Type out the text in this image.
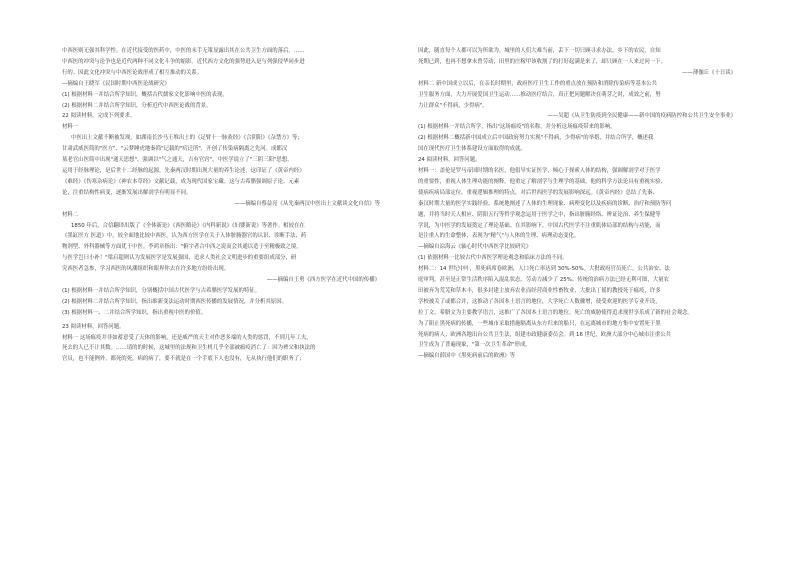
中西医则无强其科学性。在近代接受的医药中，中医的未手无策显露出其在公共卫生方面的落后。……
中西医的冲突与论争也是近代两种不同文化斗争的缩影。近代西方文化的强势进入是与列强侵华同步进
行的。因此文化冲突与中西医论战形成了相互推动的关系。
—摘编自王晓军《民国时期中西医论战研究》
(1) 根据材料一并结合所学知识，概括古代儒家文化影响中医的表现。
(2) 根据材料二并结合所学知识，分析近代中西医论战的背景。
22 阅读材料，完成下列要求。
材料一
中医出土文献不断被发现，如湖南长沙马王堆出土的《足臂十一脉灸经》《合阴阳》《杂禁方》等；
甘肃武威医简的"医方"、"云梦睡虎地秦简"记载的"疠迁所"，开创了传染病隔离之先河。成都汉
墓老官山医简中出现"通天思想"，强调以"气之通天，吉有官窍"，中医学说立了"三阴三阳"思想，
运用于经脉理论，是后世十二经脉的起源。先秦两汉时期出现大量的养生论述，这印证了《黄帝内经》
《难经》《伤寒杂病论》《神农本草经》文献记载，成为现代国家宝藏。这与古希腊强调原子论、元素
论，注重结构性病变，逐渐发展出解剖学有明显不同。
——摘编自蔡益亮《从先秦两汉中医出土文献谈文化自信》等
材料二
1850 年后，合信翻译出版了《全体新论》《西医略论》《内科新说》《妇婴新说》等著作。相较在在
《墨缸医方 医道》中，较全面地比较中西医，认为西方医学在关于人体脏腑器官的认识、诊断手法、药
物剂型、外科器械等方面优于中医。李鸿章指出："俯宇者合中西之说而会其通以造于至精极致之境，
与医学岂曰小补！"梁启超则认为发展医学是发展强国、追求人类社会文明进步的重要组成部分，研
究西医者急参，学习西医的风潮组织和眼界你去在许多地方纷纷出现。
——摘编自王勇《西方医学在近代中国的传播》
(1) 根据材料一并结合所学知识，分别概括中国古代医学与古希腊医学发展的特征。
(2) 根据材料二并结合所学知识，指出维新变法运动时期西医传播的发展情况，并分析其原因。
(3) 根据材料一、二并结合所学知识，指出重视中医的价值。
23 阅读材料，回答问题。
材料一 这场瘟疫并非如蓄意受了天体的影响，还是威严的天主对作恶多端的人类的惩罚，不到几年工夫，
死去的人已不计其数。……请的的时候，这城里的法规和卫生机几乎全部被瘟疫消亡了：因为裨父和执法的
官员，也不能例外，都死的死，病的病了，要不就是在一个手底下人也没有，无从执行他们的职务了；
因此，随直每个人都可以为所欲为。城里的人们大难当前，丢下一切只顾寻求办法，乡下的农民，自知
死期已到，也再不想拿未曾劳动，田里的庄稼甲该收割了的打好起满是来了，却只顾在一人来过问一下。
——薄伽丘《十日谈》
材料二 新中国成立以后，在亲长时期里，政府医疗卫生工作的重点放在预防和消除传染病等基本公共
卫生服务方面，大力开展爱国卫生运动……推动医疗结合，真正把问题解决在萌芽之时，成效之前，努
力让群众"不得病，少得病"。
——吴超《从卫生防疫到全民健康——新中国的疫病防控和公共卫生安全事业》
(1) 根据材料一并结合所学，指出"这场瘟疫"的名称，并分析这场瘟疫带来的影响。
(2) 根据材料二概括新中国成立后中国政府努力实现"不得病，少得病"的举措，并结合所学，概述我
国在现代医疗卫生体系建设方面取得的成就。
24 阅读材料，回答问题。
材料一：盖伦是罗马帝国时期的名医，他倡导实证医学，倾心于探索人体的结构，强调解剖学对于医学
的重要性，重视人体生理功能的阐释。他重定了解剖学与生理学的基础，他的科学方法论具有重视实验、
使病疾病局部定位，重视逻辑推理的特点，对后世西医学的发展影响深远。《黄帝内经》总结了先秦、
秦汉时期大量的医学实践经验，系统地阐述了人体的生理现象、病理变化以及疾病的诊断、治疗和预防等问
题，并将当时天人相应、阴阳五行等哲学观念运用于医学之中，指出脏腑经络、辨证论治、养生保健等
学说，为中医学的发展奠定了理论基础。在其影响下，中国古代医学不注重肌体局部的结构与功能，而
是注重人的生命整体，表现为"精气"与人体的生理、病理动态变化。
—摘编自凉海云《轴心时代中西医学比较研究》
(1) 依据材料一比较古代中西医学理论观念和临床方法的不同。
材料二：14 世纪中叶，黑死病席卷欧洲，人口死亡率达到 30%-50%。大批政府官员死亡，公共治安、法
庭审判，甚至是正常生活秩序陷入混乱状态。劳动力减少了 25%。传统的治病方法已经无利可图，大量农
田被弃为荒芜和草木丰，很多封建主放弃农业而经营商业性畜牧业，大批出丁徭的教授死于瘟疫，许多
学校被关了或都合并，这推动了各国本土语言的地位，大学死亡人数骤增，使受欢迎的医学专业开设，
拉丁文、希腊文为主要教学语言，这推广了各国本土语言的地位。死亡的威胁使得追求现世享乐成了新的社会观念。
为了阻止黑死病的传播，一些城市采取措施隔离从东方归来的船只，在远离城市的地方集中安置死于黑
死病的病人；欧洲各地出台公共卫生法，组建市政健康委员会。到 16 世纪，欧洲大部分中心城市注重公共
卫生成为了普遍现象，"第一次卫生革命"形成。
—摘编自薛国中《黑死病前后的欧洲》等
